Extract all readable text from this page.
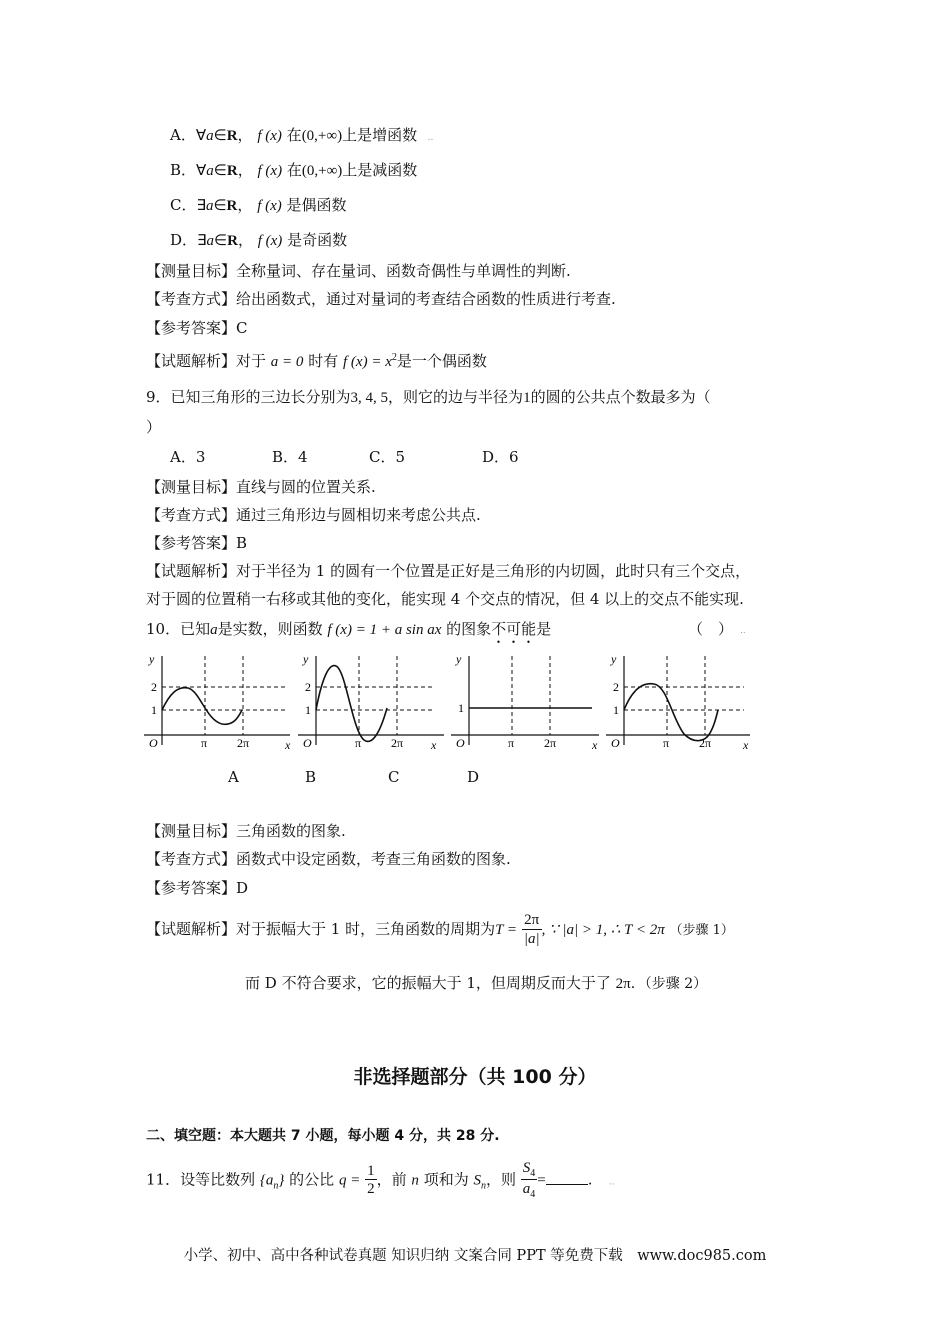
A．∀a∈R， f (x) 在(0,+∞)上是增函数   ..
B．∀a∈R， f (x) 在(0,+∞)上是减函数
C．∃a∈R， f (x) 是偶函数
D．∃a∈R， f (x) 是奇函数
【测量目标】全称量词、存在量词、函数奇偶性与单调性的判断.
【考查方式】给出函数式，通过对量词的考查结合函数的性质进行考查.
【参考答案】C
【试题解析】对于 a = 0 时有 f $(x) = x^2$是一个偶函数
9．已知三角形的三边长分别为3, 4, 5，则它的边与半径为1的圆的公共点个数最多为（
）
A．3	B．4	C．5	D．6
【测量目标】直线与圆的位置关系.
【考查方式】通过三角形边与圆相切来考虑公共点.
【参考答案】B
【试题解析】对于半径为 1 的圆有一个位置是正好是三角形的内切圆，此时只有三个交点，
对于圆的位置稍一右移或其他的变化，能实现 4 个交点的情况，但 4 以上的交点不能实现.
10．已知a是实数，则函数 f (x) = 1 + a sin ax 的图象不可能是	（　） ..
y
2
1
O	π 2π	x
y
2
1
O	π 2π x
y
1
O	π 2π	x
y
2
1
O	π 2π	x
A	B	C	D
【测量目标】三角函数的图象.
【考查方式】函数式中设定函数，考查三角函数的图象.
【参考答案】D
【试题解析】对于振幅大于 1 时，三角函数的周期为$T = \frac{2\pi}{|a|}$ , ∵ |a| > 1, ∴ T < 2π （步骤 1）
而 D 不符合要求，它的振幅大于 1，但周期反而大于了 2π．（步骤 2）
非选择题部分（共 100 分）
二、填空题：本大题共 7 小题，每小题 4 分，共 28 分.
11．设等比数列 $\{a_n\}$ 的公比 $q = \frac{1}{2}$ ，前 n 项和为 $S_n$，则 $\frac{S_4}{a_4}$ =	.     ..
小学、初中、高中各种试卷真题 知识归纳 文案合同 PPT 等免费下载　www.doc985.com
